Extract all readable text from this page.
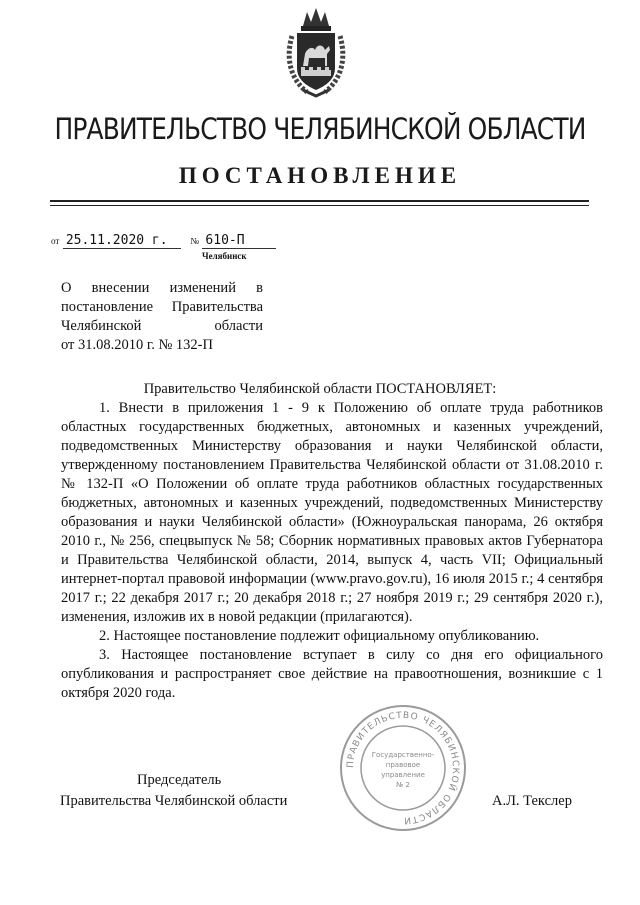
ПРАВИТЕЛЬСТВО ЧЕЛЯБИНСКОЙ ОБЛАСТИ
ПОСТАНОВЛЕНИЕ
от 25.11.2020 г.	№ 610-П
Челябинск
О внесении изменений в
постановление Правительства
Челябинской области
от 31.08.2010 г. № 132-П
Правительство Челябинской области ПОСТАНОВЛЯЕТ:

1. Внести в приложения 1 - 9 к Положению об оплате труда работников областных государственных бюджетных, автономных и казенных учреждений, подведомственных Министерству образования и науки Челябинской области, утвержденному постановлением Правительства Челябинской области от 31.08.2010 г. № 132-П «О Положении об оплате труда работников областных государственных бюджетных, автономных и казенных учреждений, подведомственных Министерству образования и науки Челябинской области» (Южноуральская панорама, 26 октября 2010 г., № 256, спецвыпуск № 58; Сборник нормативных правовых актов Губернатора и Правительства Челябинской области, 2014, выпуск 4, часть VII; Официальный интернет-портал правовой информации (www.pravo.gov.ru), 16 июля 2015 г.; 4 сентября 2017 г.; 22 декабря 2017 г.; 20 декабря 2018 г.; 27 ноября 2019 г.; 29 сентября 2020 г.), изменения, изложив их в новой редакции (прилагаются).

2. Настоящее постановление подлежит официальному опубликованию.

3. Настоящее постановление вступает в силу со дня его официального опубликования и распространяет свое действие на правоотношения, возникшие с 1 октября 2020 года.

ПРАВИТЕЛЬСТВО ЧЕЛЯБИНСКОЙ ОБЛАСТИ
Государственно-
правовое
управление
№ 2
Председатель
Правительства Челябинской области	А.Л. Текслер
